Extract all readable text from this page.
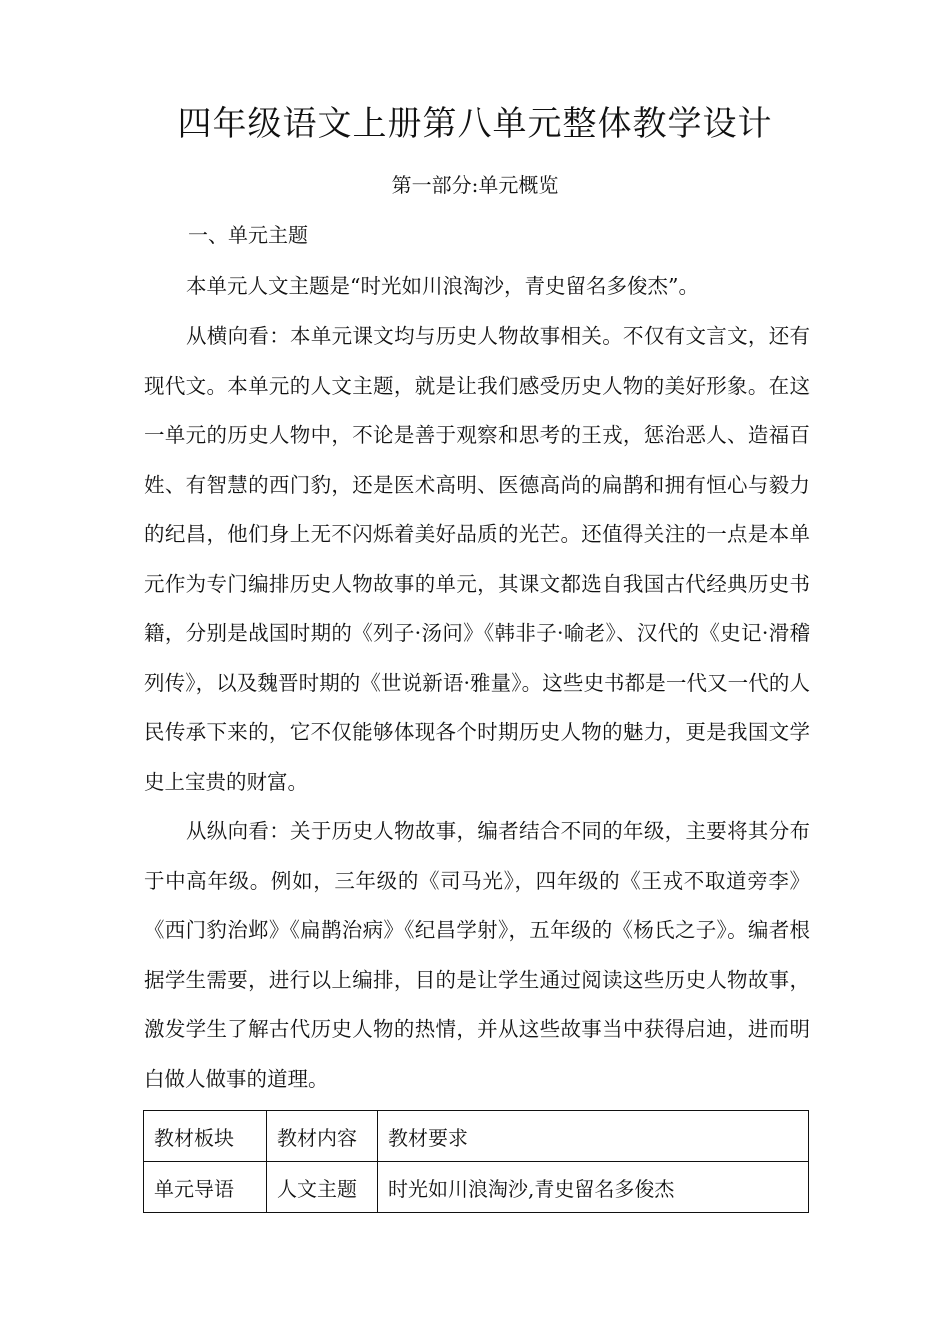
四年级语文上册第八单元整体教学设计
第一部分:单元概览
一、单元主题

本单元人文主题是“时光如川浪淘沙，青史留名多俊杰”。

从横向看：本单元课文均与历史人物故事相关。不仅有文言文，还有现代文。本单元的人文主题，就是让我们感受历史人物的美好形象。在这一单元的历史人物中，不论是善于观察和思考的王戎，惩治恶人、造福百姓、有智慧的西门豹，还是医术高明、医德高尚的扁鹊和拥有恒心与毅力的纪昌，他们身上无不闪烁着美好品质的光芒。还值得关注的一点是本单元作为专门编排历史人物故事的单元，其课文都选自我国古代经典历史书籍，分别是战国时期的《列子·汤问》《韩非子·喻老》、汉代的《史记·滑稽列传》，以及魏晋时期的《世说新语·雅量》。这些史书都是一代又一代的人民传承下来的，它不仅能够体现各个时期历史人物的魅力，更是我国文学史上宝贵的财富。

从纵向看：关于历史人物故事，编者结合不同的年级，主要将其分布于中高年级。例如，三年级的《司马光》，四年级的《王戎不取道旁李》《西门豹治邺》《扁鹊治病》《纪昌学射》，五年级的《杨氏之子》。编者根据学生需要，进行以上编排，目的是让学生通过阅读这些历史人物故事，激发学生了解古代历史人物的热情，并从这些故事当中获得启迪，进而明白做人做事的道理。

教材板块	教材内容	教材要求
单元导语	人文主题	时光如川浪淘沙,青史留名多俊杰
